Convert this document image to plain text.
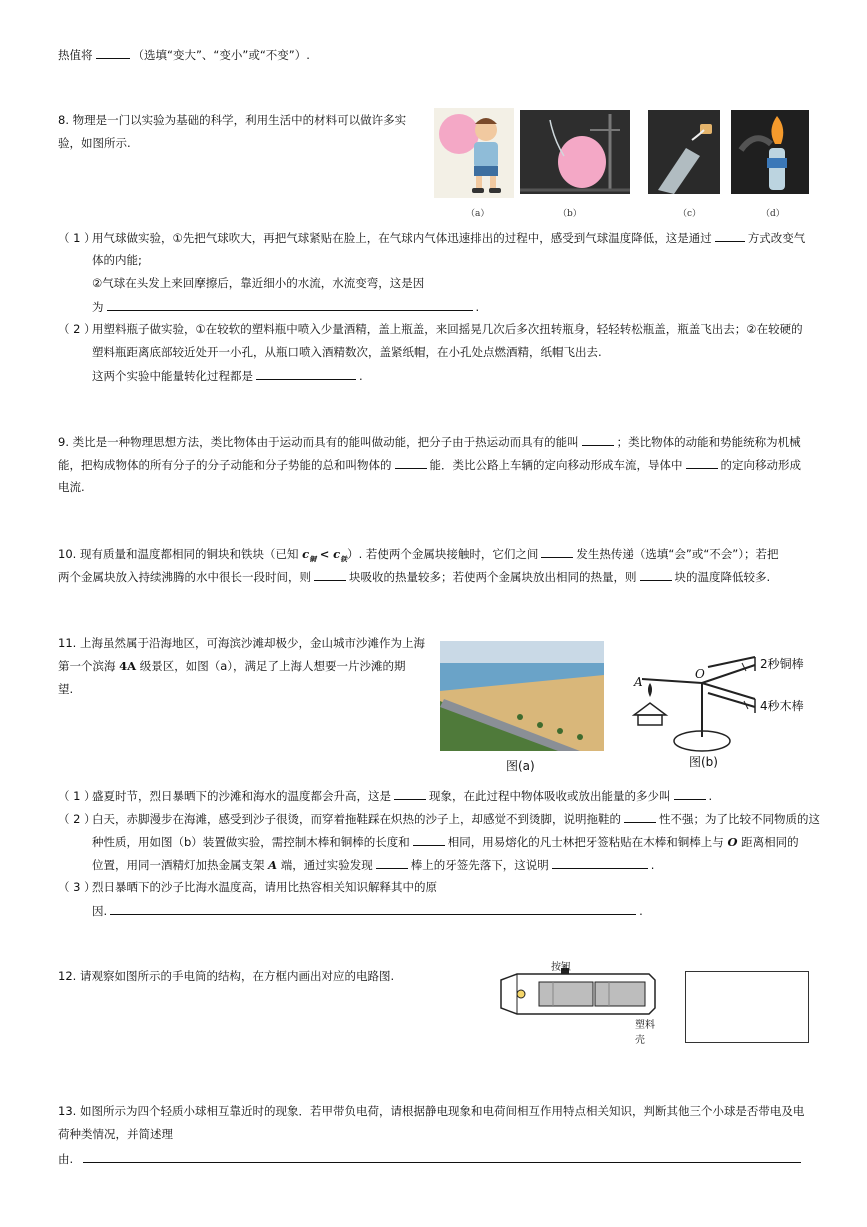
热值将	（选填“变大”、“变小”或“不变”）.
8. 物理是一门以实验为基础的科学，利用生活中的材料可以做许多实
验，如图所示.
（a）	（b）	（c）	（d）
（ 1 ）用气球做实验，①先把气球吹大，再把气球紧贴在脸上，在气球内气体迅速排出的过程中，感受到气球温度降低，这是通过	方式改变气
体的内能;
②气球在头发上来回摩擦后，靠近细小的水流，水流变弯，这是因
为	.
（ 2 ）用塑料瓶子做实验，①在较软的塑料瓶中喷入少量酒精，盖上瓶盖，来回摇晃几次后多次扭转瓶身，轻轻转松瓶盖，瓶盖飞出去；②在较硬的
塑料瓶距离底部较近处开一小孔，从瓶口喷入酒精数次，盖紧纸帽，在小孔处点燃酒精，纸帽飞出去.
这两个实验中能量转化过程都是	.
9. 类比是一种物理思想方法，类比物体由于运动而具有的能叫做动能，把分子由于热运动而具有的能叫	；类比物体的动能和势能统称为机械
能，把构成物体的所有分子的分子动能和分子势能的总和叫物体的	能．类比公路上车辆的定向移动形成车流，导体中	的定向移动形成
电流.
10. 现有质量和温度都相同的铜块和铁块（已知 $c_铜 < c_铁$）. 若使两个金属块接触时，它们之间	发生热传递（选填“会”或“不会”）；若把
两个金属块放入持续沸腾的水中很长一段时间，则	块吸收的热量较多；若使两个金属块放出相同的热量，则	块的温度降低较多.
11. 上海虽然属于沿海地区，可海滨沙滩却极少，金山城市沙滩作为上海
第一个滨海 4A 级景区，如图（a），满足了上海人想要一片沙滩的期
望.
图(a)
A
O
2秒铜棒
4秒木棒
图(b)
（ 1 ）盛夏时节，烈日暴晒下的沙滩和海水的温度都会升高，这是	现象，在此过程中物体吸收或放出能量的多少叫	.
（ 2 ）白天，赤脚漫步在海滩，感受到沙子很烫，而穿着拖鞋踩在炽热的沙子上，却感觉不到烫脚，说明拖鞋的	性不强；为了比较不同物质的这
种性质，用如图（b）装置做实验，需控制木棒和铜棒的长度和	相同，用易熔化的凡士林把牙签粘贴在木棒和铜棒上与 O 距离相同的
位置，用同一酒精灯加热金属支架 A 端，通过实验发现	棒上的牙签先落下，这说明	.
（ 3 ）烈日暴晒下的沙子比海水温度高，请用比热容相关知识解释其中的原
因.	.
12. 请观察如图所示的手电筒的结构，在方框内画出对应的电路图.
按钮
塑料壳
13. 如图所示为四个轻质小球相互靠近时的现象．若甲带负电荷，请根据静电现象和电荷间相互作用特点相关知识，判断其他三个小球是否带电及电
荷种类情况，并简述理
由.
